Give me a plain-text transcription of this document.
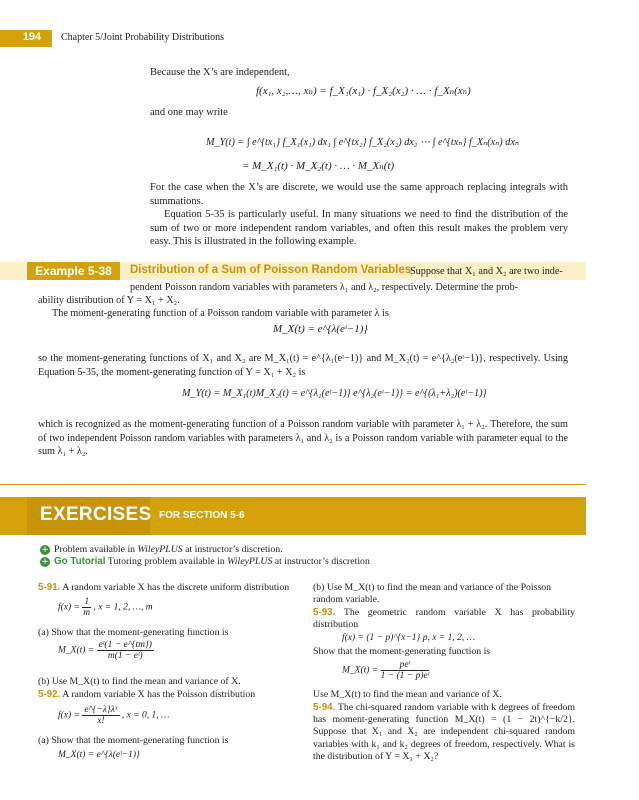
194	Chapter 5/Joint Probability Distributions
Because the X’s are independent,
f(x₁, x₂,…, xₙ) = f_X₁(x₁) · f_X₂(x₂) · … · f_Xₙ(xₙ)
and one may write
M_Y(t) = ∫ e^{tx₁} f_X₁(x₁) dx₁ ∫ e^{tx₂} f_X₂(x₂) dx₂ ⋯ ∫ e^{txₙ} f_Xₙ(xₙ) dxₙ
= M_X₁(t) · M_X₂(t) · … · M_Xₙ(t)
For the case when the X’s are discrete, we would use the same approach replacing integrals with summations.
Equation 5-35 is particularly useful. In many situations we need to find the distribution of the sum of two or more independent random variables, and often this result makes the problem very easy. This is illustrated in the following example.
Example 5-38	Distribution of a Sum of Poisson Random Variables
Suppose that X₁ and X₂ are two inde-
pendent Poisson random variables with parameters λ₁ and λ₂, respectively. Determine the prob-
ability distribution of Y = X₁ + X₂.
The moment-generating function of a Poisson random variable with parameter λ is
M_X(t) = e^{λ(eᵗ−1)}
so the moment-generating functions of X₁ and X₂ are M_X₁(t) = e^{λ₁(eᵗ−1)} and M_X₂(t) = e^{λ₂(eᵗ−1)}, respectively. Using Equation 5-35, the moment-generating function of Y = X₁ + X₂ is
M_Y(t) = M_X₁(t)M_X₂(t) = e^{λ₁(eᵗ−1)} e^{λ₂(eᵗ−1)} = e^{(λ₁+λ₂)(eᵗ−1)}
which is recognized as the moment-generating function of a Poisson random variable with parameter λ₁ + λ₂. Therefore, the sum of two independent Poisson random variables with parameters λ₁ and λ₂ is a Poisson random variable with parameter equal to the sum λ₁ + λ₂.
EXERCISES FOR SECTION 5-6
+ Problem available in WileyPLUS at instructor’s discretion.
+ Go Tutorial Tutoring problem available in WileyPLUS at instructor’s discretion
5-91. A random variable X has the discrete uniform distribution
$f(x) = \frac{1}{m}$ , x = 1, 2, …, m
(a) Show that the moment-generating function is
M_X(t) = $\frac{\text{eᵗ(1 − e\textasciicircum{}\{tm\})}}{\text{m(1 − eᵗ)}}$
(b) Use M_X(t) to find the mean and variance of X.
5-92. A random variable X has the Poisson distribution
$f(x) = \frac{\text{e\textasciicircum{}\{−λ\}λˣ}}{x!}$ , x = 0, 1, …
(a) Show that the moment-generating function is
M_X(t) = e^{λ(eᵗ−1)}
(b) Use M_X(t) to find the mean and variance of the Poisson random variable.
5-93. The geometric random variable X has probability distribution
f(x) = (1 − p)^{x−1} p, x = 1, 2, …
Show that the moment-generating function is
M_X(t) = $\frac{\text{peᵗ}}{\text{1 − (1 − p)eᵗ}}$
Use M_X(t) to find the mean and variance of X.
5-94. The chi-squared random variable with k degrees of freedom has moment-generating function M_X(t) = (1 − 2t)^{−k/2}. Suppose that X₁ and X₂ are independent chi-squared random variables with k₁ and k₂ degrees of freedom, respectively. What is the distribution of Y = X₁ + X₂?
